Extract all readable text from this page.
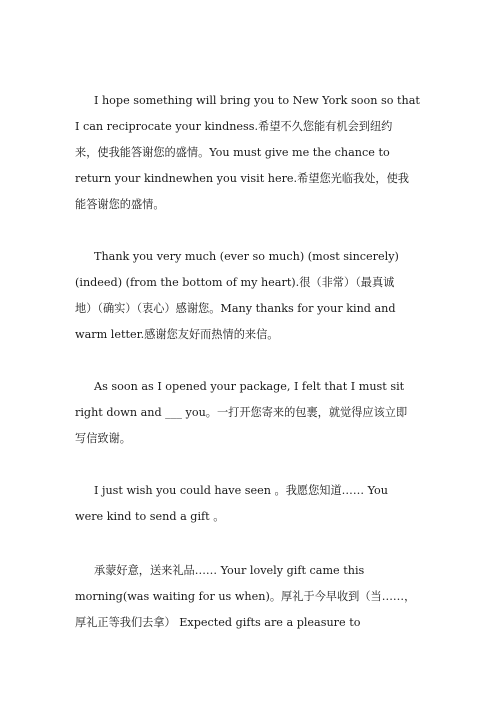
I hope something will bring you to New York soon so that
I can reciprocate your kindness.希望不久您能有机会到纽约
来，使我能答谢您的盛情。You must give me the chance to
return your kindnewhen you visit here.希望您光临我处，使我
能答谢您的盛情。
Thank you very much (ever so much) (most sincerely)
(indeed) (from the bottom of my heart).很（非常）（最真诚
地）（确实）（衷心）感谢您。Many thanks for your kind and
warm letter.感谢您友好而热情的来信。
As soon as I opened your package, I felt that I must sit
right down and ___ you。一打开您寄来的包裹，就觉得应该立即
写信致谢。
I just wish you could have seen 。我愿您知道…… You
were kind to send a gift 。
承蒙好意，送来礼品…… Your lovely gift came this
morning(was waiting for us when)。厚礼于今早收到（当……，
厚礼正等我们去拿） Expected gifts are a pleasure to
